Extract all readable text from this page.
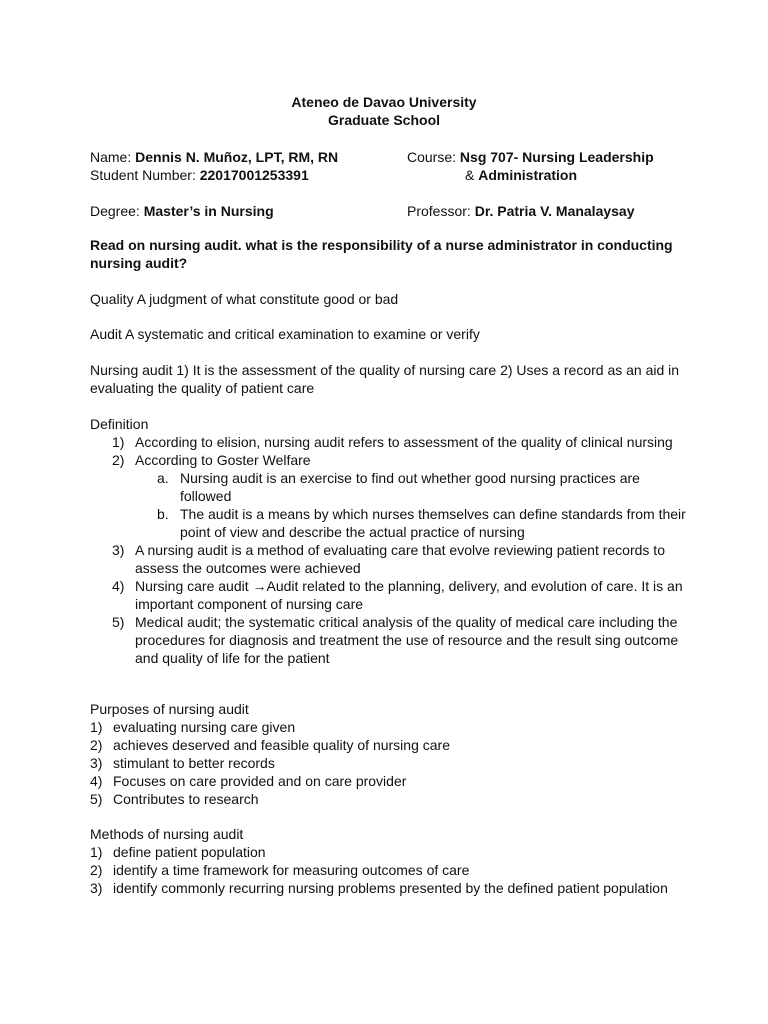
Ateneo de Davao University
Graduate School
Name: Dennis N. Muñoz, LPT, RM, RN
Student Number: 22017001253391
Degree: Master’s in Nursing
Course: Nsg 707- Nursing Leadership
& Administration
Professor: Dr. Patria V. Manalaysay
Read on nursing audit. what is the responsibility of a nurse administrator in conducting nursing audit?
Quality A judgment of what constitute good or bad
Audit A systematic and critical examination to examine or verify
Nursing audit 1) It is the assessment of the quality of nursing care 2) Uses a record as an aid in evaluating the quality of patient care
Definition
1) According to elision, nursing audit refers to assessment of the quality of clinical nursing
2) According to Goster Welfare
a. Nursing audit is an exercise to find out whether good nursing practices are followed
b. The audit is a means by which nurses themselves can define standards from their point of view and describe the actual practice of nursing
3) A nursing audit is a method of evaluating care that evolve reviewing patient records to assess the outcomes were achieved
4) Nursing care audit →Audit related to the planning, delivery, and evolution of care. It is an important component of nursing care
5) Medical audit; the systematic critical analysis of the quality of medical care including the procedures for diagnosis and treatment the use of resource and the result sing outcome and quality of life for the patient
Purposes of nursing audit
1) evaluating nursing care given
2) achieves deserved and feasible quality of nursing care
3) stimulant to better records
4) Focuses on care provided and on care provider
5) Contributes to research
Methods of nursing audit
1) define patient population
2) identify a time framework for measuring outcomes of care
3) identify commonly recurring nursing problems presented by the defined patient population
